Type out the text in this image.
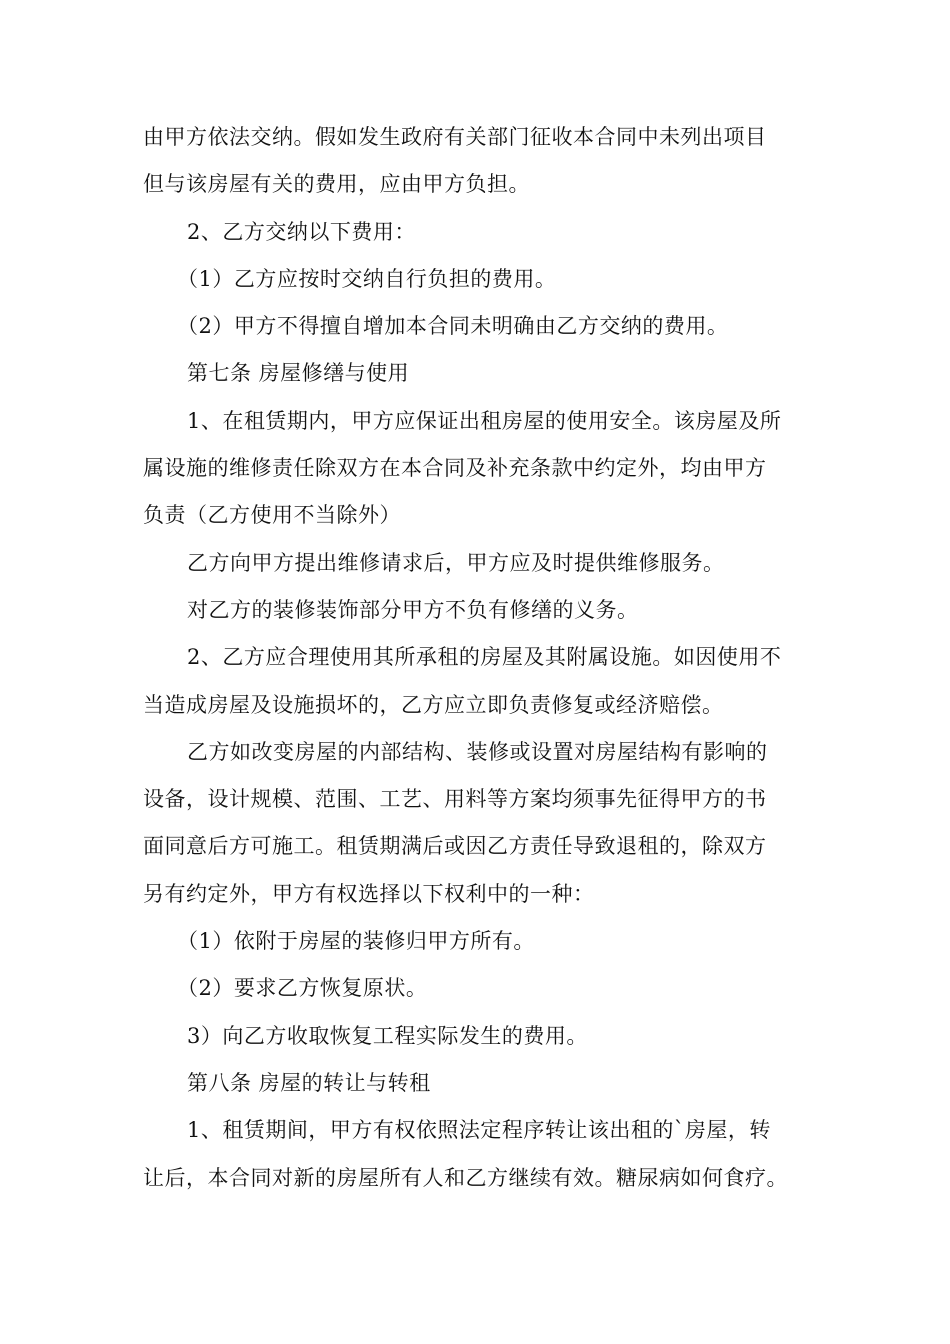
由甲方依法交纳。假如发生政府有关部门征收本合同中未列出项目
但与该房屋有关的费用，应由甲方负担。
2、乙方交纳以下费用：
（1）乙方应按时交纳自行负担的费用。
（2）甲方不得擅自增加本合同未明确由乙方交纳的费用。
第七条 房屋修缮与使用
1、在租赁期内，甲方应保证出租房屋的使用安全。该房屋及所
属设施的维修责任除双方在本合同及补充条款中约定外，均由甲方
负责（乙方使用不当除外）
乙方向甲方提出维修请求后，甲方应及时提供维修服务。
对乙方的装修装饰部分甲方不负有修缮的义务。
2、乙方应合理使用其所承租的房屋及其附属设施。如因使用不
当造成房屋及设施损坏的，乙方应立即负责修复或经济赔偿。
乙方如改变房屋的内部结构、装修或设置对房屋结构有影响的
设备，设计规模、范围、工艺、用料等方案均须事先征得甲方的书
面同意后方可施工。租赁期满后或因乙方责任导致退租的，除双方
另有约定外，甲方有权选择以下权利中的一种：
（1）依附于房屋的装修归甲方所有。
（2）要求乙方恢复原状。
3）向乙方收取恢复工程实际发生的费用。
第八条 房屋的转让与转租
1、租赁期间，甲方有权依照法定程序转让该出租的`房屋，转
让后，本合同对新的房屋所有人和乙方继续有效。糖尿病如何食疗。
